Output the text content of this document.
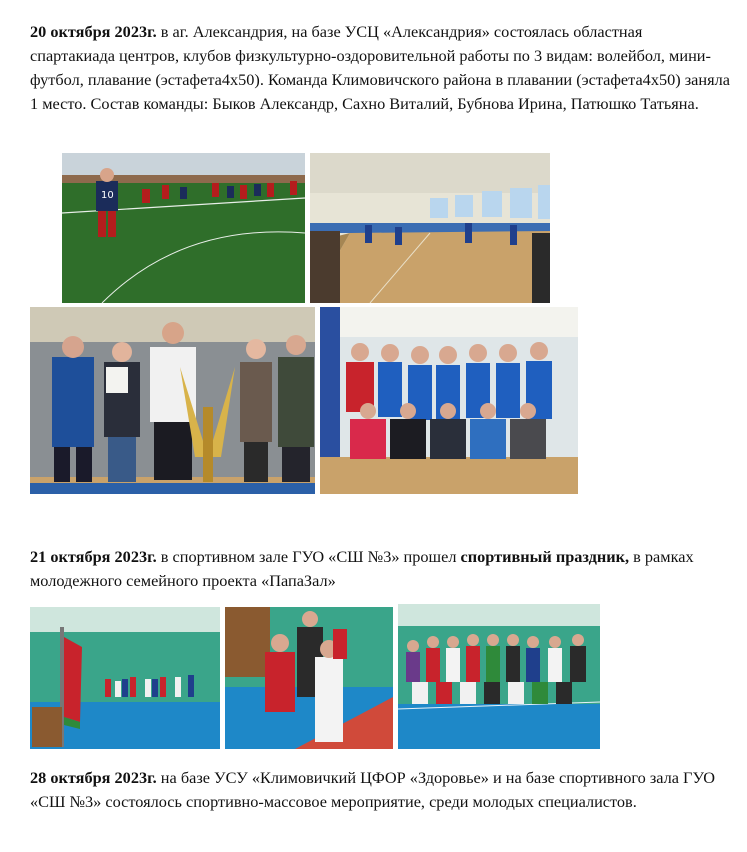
20 октября 2023г. в аг. Александрия, на базе УСЦ «Александрия» состоялась областная спартакиада центров, клубов физкультурно-оздоровительной работы по 3 видам: волейбол, мини-футбол, плавание (эстафета4х50). Команда Климовичского района в плавании (эстафета4х50) заняла 1 место. Состав команды: Быков Александр, Сахно Виталий, Бубнова Ирина, Патюшко Татьяна.
10
21 октября 2023г. в спортивном зале ГУО «СШ №3» прошел спортивный праздник, в рамках молодежного семейного проекта «ПапаЗал»
28 октября 2023г. на базе УСУ «Климовичкий ЦФОР «Здоровье» и на базе спортивного зала ГУО «СШ №3» состоялось спортивно-массовое мероприятие, среди молодых специалистов.
